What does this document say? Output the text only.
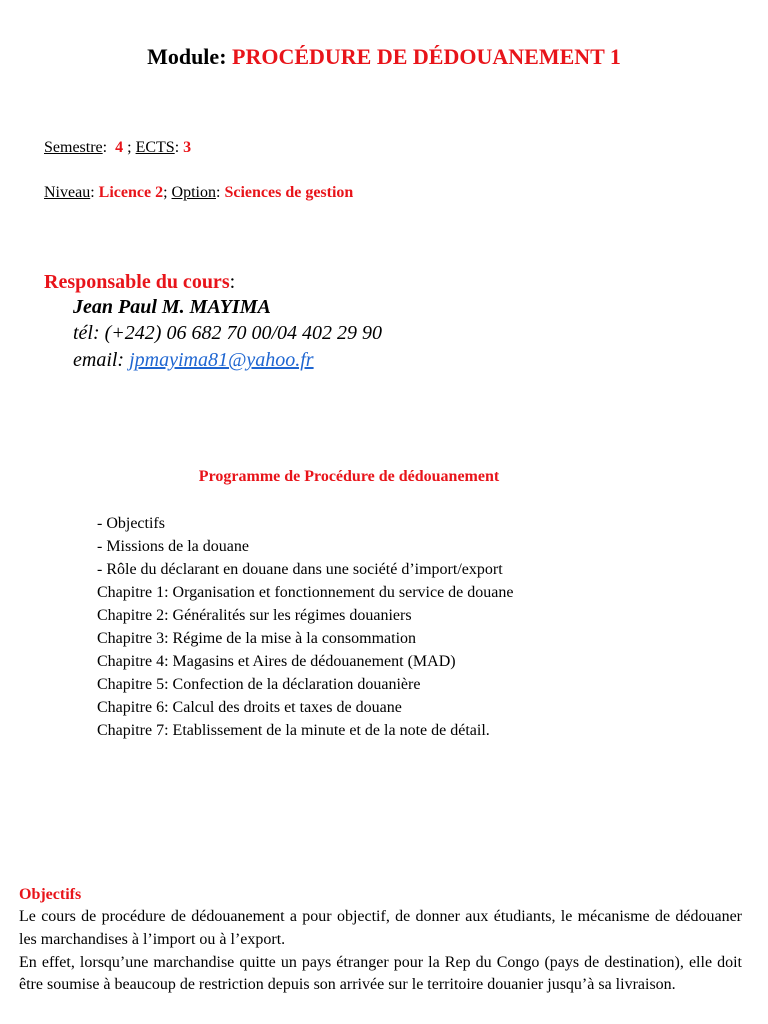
Module: PROCÉDURE DE DÉDOUANEMENT 1
Semestre:  4 ; ECTS: 3
Niveau: Licence 2; Option: Sciences de gestion
Responsable du cours:
Jean Paul M. MAYIMA
tél: (+242) 06 682 70 00/04 402 29 90
email: jpmayima81@yahoo.fr
Programme de Procédure de dédouanement
- Objectifs
- Missions de la douane
- Rôle du déclarant en douane dans une société d’import/export
Chapitre 1: Organisation et fonctionnement du service de douane
Chapitre 2: Généralités sur les régimes douaniers
Chapitre 3: Régime de la mise à la consommation
Chapitre 4: Magasins et Aires de dédouanement (MAD)
Chapitre 5: Confection de la déclaration douanière
Chapitre 6: Calcul des droits et taxes de douane
Chapitre 7: Etablissement de la minute et de la note de détail.
Objectifs

Le cours de procédure de dédouanement a pour objectif, de donner aux étudiants, le mécanisme de dédouaner les marchandises à l’import ou à l’export.

En effet, lorsqu’une marchandise quitte un pays étranger pour la Rep du Congo (pays de destination), elle doit être soumise à beaucoup de restriction depuis son arrivée sur le territoire douanier jusqu’à sa livraison.
